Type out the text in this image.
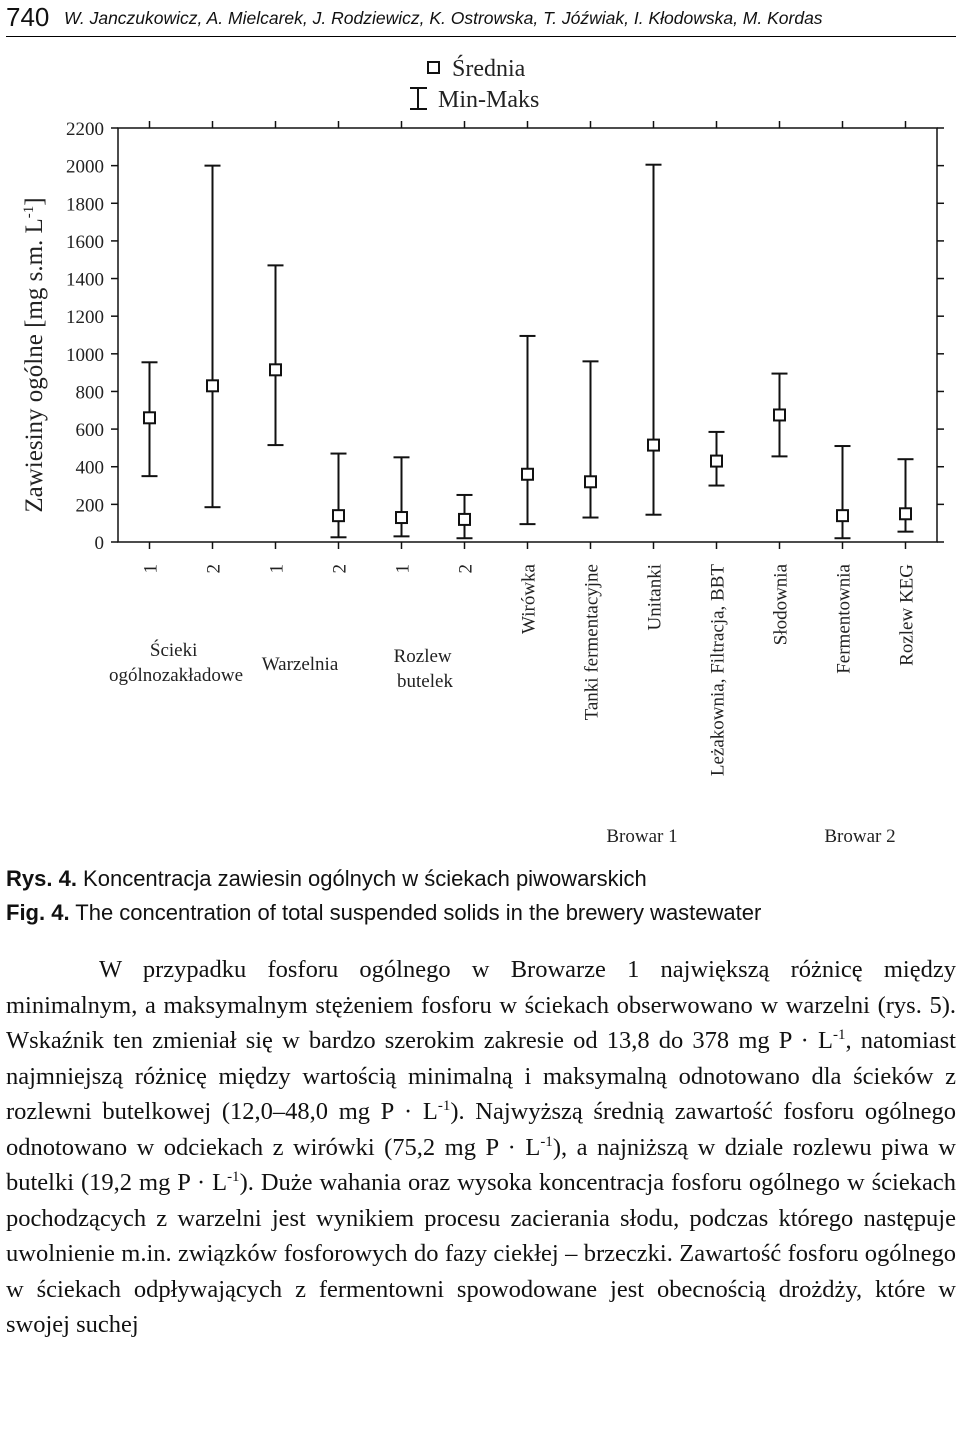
740 W. Janczukowicz, A. Mielcarek, J. Rodziewicz, K. Ostrowska, T. Jóźwiak, I. Kłodowska, M. Kordas
Średnia
Min-Maks
Zawiesiny ogólne [mg s.m. $L^{-1}$]
0
200
400
600
800
1000
1200
1400
1600
1800
2000
2200
1 2 1 2 1 2 Wirówka Tanki fermentacyjne Unitanki Leżakownia, Filtracja, BBT Słodownia Fermentownia Rozlew KEG
Ścieki ogólnozakładowe
Warzelnia	Rozlew butelek
Browar 1	Browar 2
Rys. 4. Koncentracja zawiesin ogólnych w ściekach piwowarskich
Fig. 4. The concentration of total suspended solids in the brewery wastewater

W przypadku fosforu ogólnego w Browarze 1 największą różnicę między minimalnym, a maksymalnym stężeniem fosforu w ściekach obserwowano w warzelni (rys. 5). Wskaźnik ten zmieniał się w bardzo szerokim zakresie od 13,8 do 378 mg $P \cdot L^{-1}$, natomiast najmniejszą różnicę między wartością minimalną i maksymalną odnotowano dla ścieków z rozlewni butelkowej (12,0–48,0 mg $P \cdot L^{-1}$). Najwyższą średnią zawartość fosforu ogólnego odnotowano w odciekach z wirówki (75,2 mg $P \cdot L^{-1}$), a najniższą w dziale rozlewu piwa w butelki (19,2 mg $P \cdot L^{-1}$). Duże wahania oraz wysoka koncentracja fosforu ogólnego w ściekach pochodzących z warzelni jest wynikiem procesu zacierania słodu, podczas którego następuje uwolnienie m.in. związków fosforowych do fazy ciekłej – brzeczki. Zawartość fosforu ogólnego w ściekach odpływających z fermentowni spowodowane jest obecnością drożdży, które w swojej suchej
